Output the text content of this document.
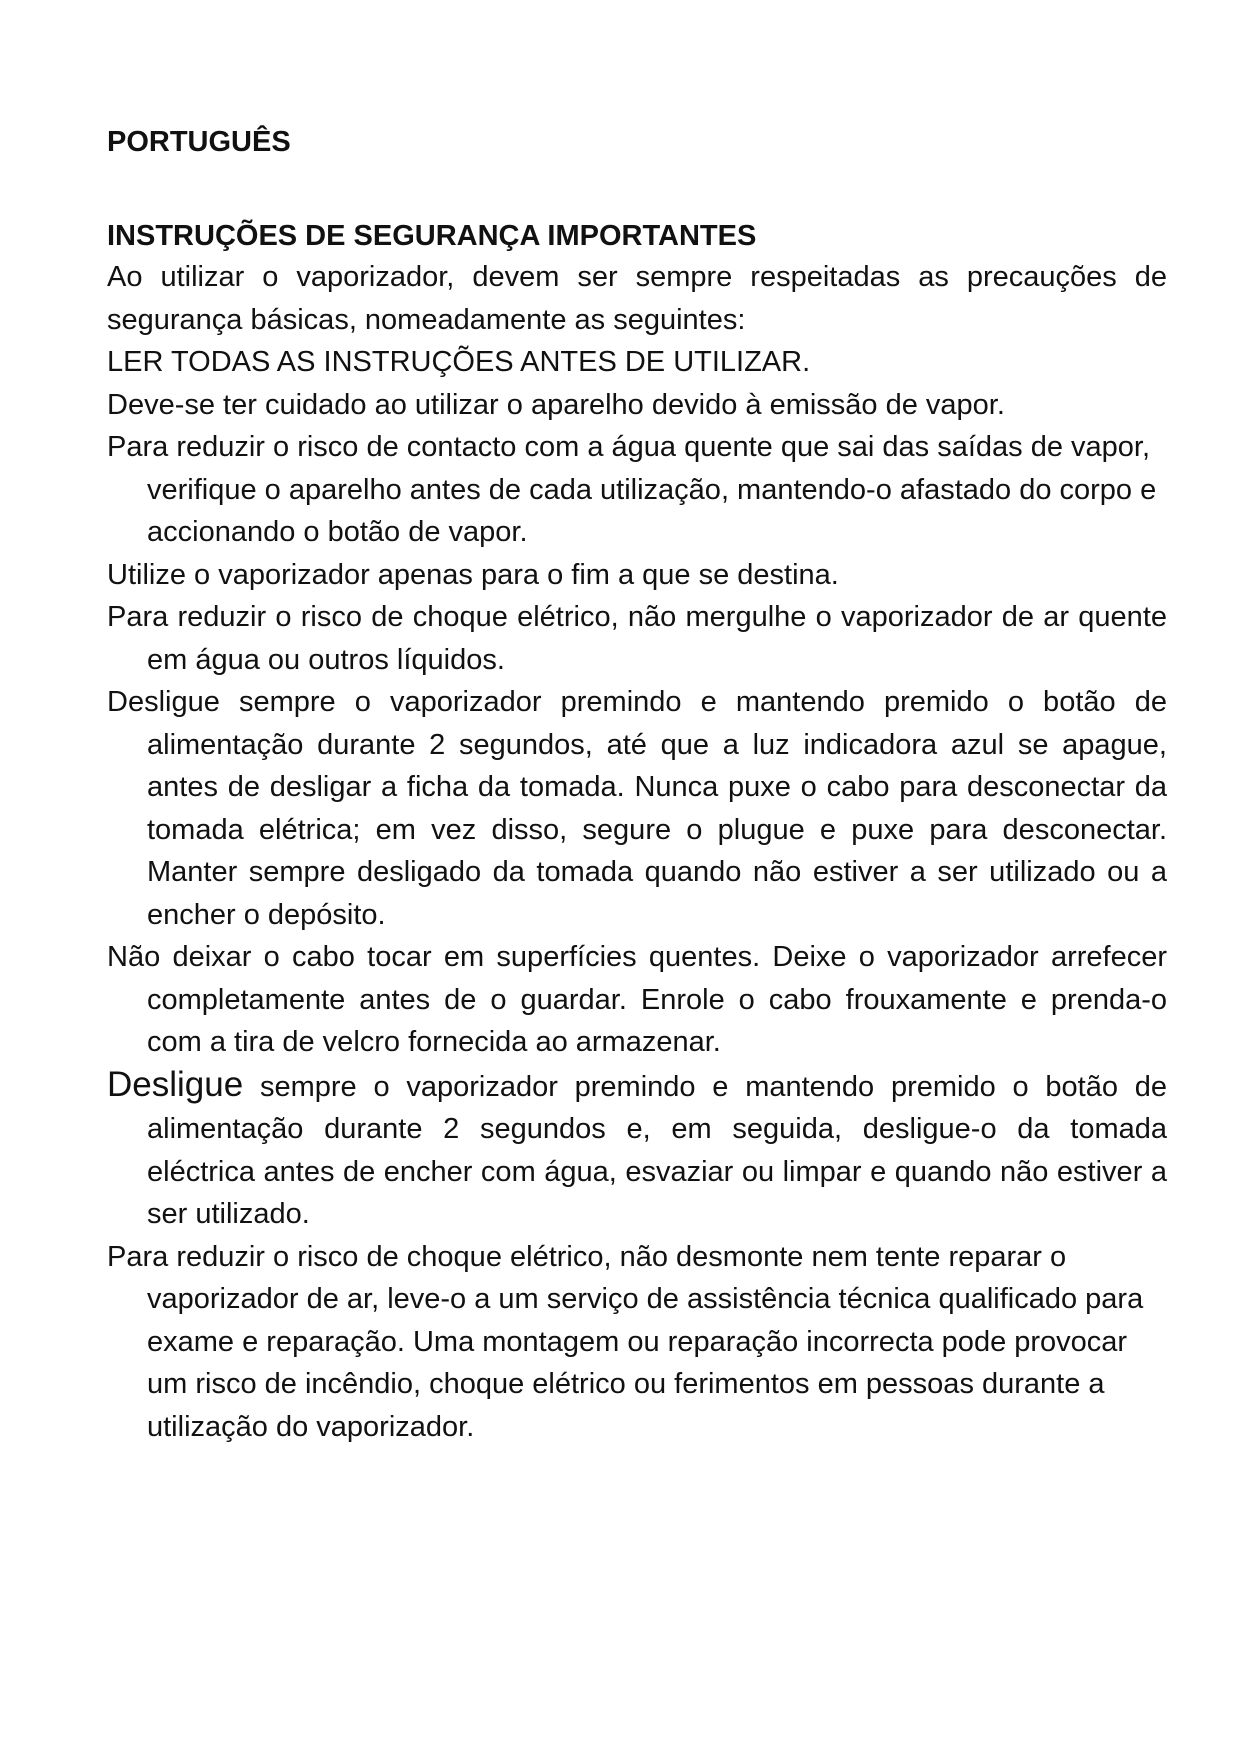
PORTUGUÊS

INSTRUÇÕES DE SEGURANÇA IMPORTANTES

Ao utilizar o vaporizador, devem ser sempre respeitadas as precauções de segurança básicas, nomeadamente as seguintes:

LER TODAS AS INSTRUÇÕES ANTES DE UTILIZAR.

Deve-se ter cuidado ao utilizar o aparelho devido à emissão de vapor.

Para reduzir o risco de contacto com a água quente que sai das saídas de vapor, verifique o aparelho antes de cada utilização, mantendo-o afastado do corpo e accionando o botão de vapor.

Utilize o vaporizador apenas para o fim a que se destina.

Para reduzir o risco de choque elétrico, não mergulhe o vaporizador de ar quente em água ou outros líquidos.

Desligue sempre o vaporizador premindo e mantendo premido o botão de alimentação durante 2 segundos, até que a luz indicadora azul se apague, antes de desligar a ficha da tomada. Nunca puxe o cabo para desconectar da tomada elétrica; em vez disso, segure o plugue e puxe para desconectar. Manter sempre desligado da tomada quando não estiver a ser utilizado ou a encher o depósito.

Não deixar o cabo tocar em superfícies quentes. Deixe o vaporizador arrefecer completamente antes de o guardar. Enrole o cabo frouxamente e prenda-o com a tira de velcro fornecida ao armazenar.

Desligue sempre o vaporizador premindo e mantendo premido o botão de alimentação durante 2 segundos e, em seguida, desligue-o da tomada eléctrica antes de encher com água, esvaziar ou limpar e quando não estiver a ser utilizado.

Para reduzir o risco de choque elétrico, não desmonte nem tente reparar o vaporizador de ar, leve-o a um serviço de assistência técnica qualificado para exame e reparação. Uma montagem ou reparação incorrecta pode provocar um risco de incêndio, choque elétrico ou ferimentos em pessoas durante a utilização do vaporizador.
